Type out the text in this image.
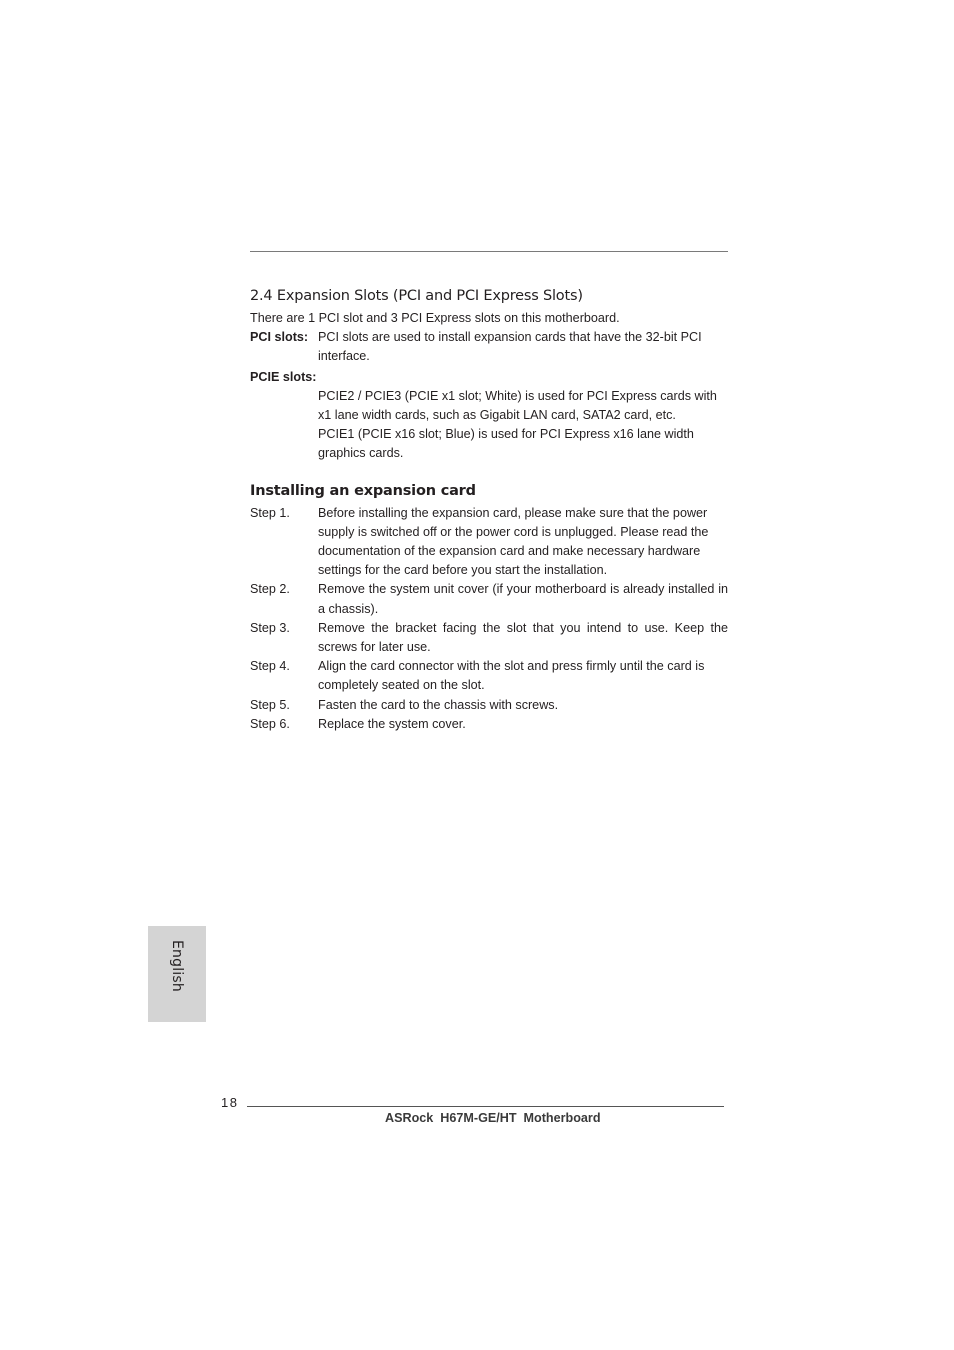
2.4 Expansion Slots (PCI and PCI Express Slots)

There are 1 PCI slot and 3 PCI Express slots on this motherboard.

PCI slots: PCI slots are used to install expansion cards that have the 32-bit PCI interface.
PCIE slots:
PCIE2 / PCIE3 (PCIE x1 slot; White) is used for PCI Express cards with x1 lane width cards, such as Gigabit LAN card, SATA2 card, etc.
PCIE1 (PCIE x16 slot; Blue) is used for PCI Express x16 lane width graphics cards.
Installing an expansion card
Step 1.	Before installing the expansion card, please make sure that the power supply is switched off or the power cord is unplugged. Please read the documentation of the expansion card and make necessary hardware settings for the card before you start the installation.
Step 2.	Remove the system unit cover (if your motherboard is already installed in a chassis).
Step 3.	Remove the bracket facing the slot that you intend to use. Keep the screws for later use.
Step 4.	Align the card connector with the slot and press firmly until the card is completely seated on the slot.
Step 5.	Fasten the card to the chassis with screws.
Step 6.	Replace the system cover.
English
18
ASRock  H67M-GE/HT  Motherboard
